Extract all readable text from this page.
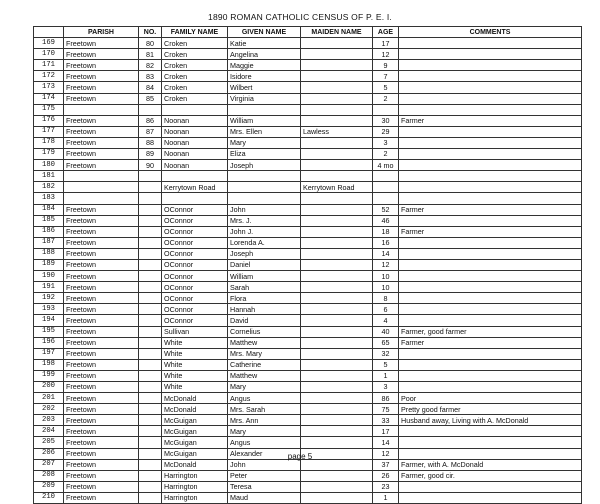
1890 ROMAN CATHOLIC CENSUS OF P. E. I.
	PARISH	NO.	FAMILY NAME	GIVEN NAME	MAIDEN NAME	AGE	COMMENTS
169	Freetown	80	Croken	Katie		17	
170	Freetown	81	Croken	Angelina		12	
171	Freetown	82	Croken	Maggie		9	
172	Freetown	83	Croken	Isidore		7	
173	Freetown	84	Croken	Wilbert		5	
174	Freetown	85	Croken	Virginia		2	
175							
176	Freetown	86	Noonan	William		30	Farmer
177	Freetown	87	Noonan	Mrs. Ellen	Lawless	29	
178	Freetown	88	Noonan	Mary		3	
179	Freetown	89	Noonan	Eliza		2	
180	Freetown	90	Noonan	Joseph		4 mo	
181							
182			Kerrytown Road		Kerrytown Road		
183							
184	Freetown		OConnor	John		52	Farmer
185	Freetown		OConnor	Mrs. J.		46	
186	Freetown		OConnor	John J.		18	Farmer
187	Freetown		OConnor	Lorenda A.		16	
188	Freetown		OConnor	Joseph		14	
189	Freetown		OConnor	Daniel		12	
190	Freetown		OConnor	William		10	
191	Freetown		OConnor	Sarah		10	
192	Freetown		OConnor	Flora		8	
193	Freetown		OConnor	Hannah		6	
194	Freetown		OConnor	David		4	
195	Freetown		Sullivan	Cornelius		40	Farmer, good farmer
196	Freetown		White	Matthew		65	Farmer
197	Freetown		White	Mrs. Mary		32	
198	Freetown		White	Catherine		5	
199	Freetown		White	Matthew		1	
200	Freetown		White	Mary		3	
201	Freetown		McDonald	Angus		86	Poor
202	Freetown		McDonald	Mrs. Sarah		75	Pretty good farmer
203	Freetown		McGuigan	Mrs. Ann		33	Husband away, Living with A. McDonald
204	Freetown		McGuigan	Mary		17	
205	Freetown		McGuigan	Angus		14	
206	Freetown		McGuigan	Alexander		12	
207	Freetown		McDonald	John		37	Farmer, with A. McDonald
208	Freetown		Harrington	Peter		26	Farmer, good cir.
209	Freetown		Harrington	Teresa		23	
210	Freetown		Harrington	Maud		1	
page 5
